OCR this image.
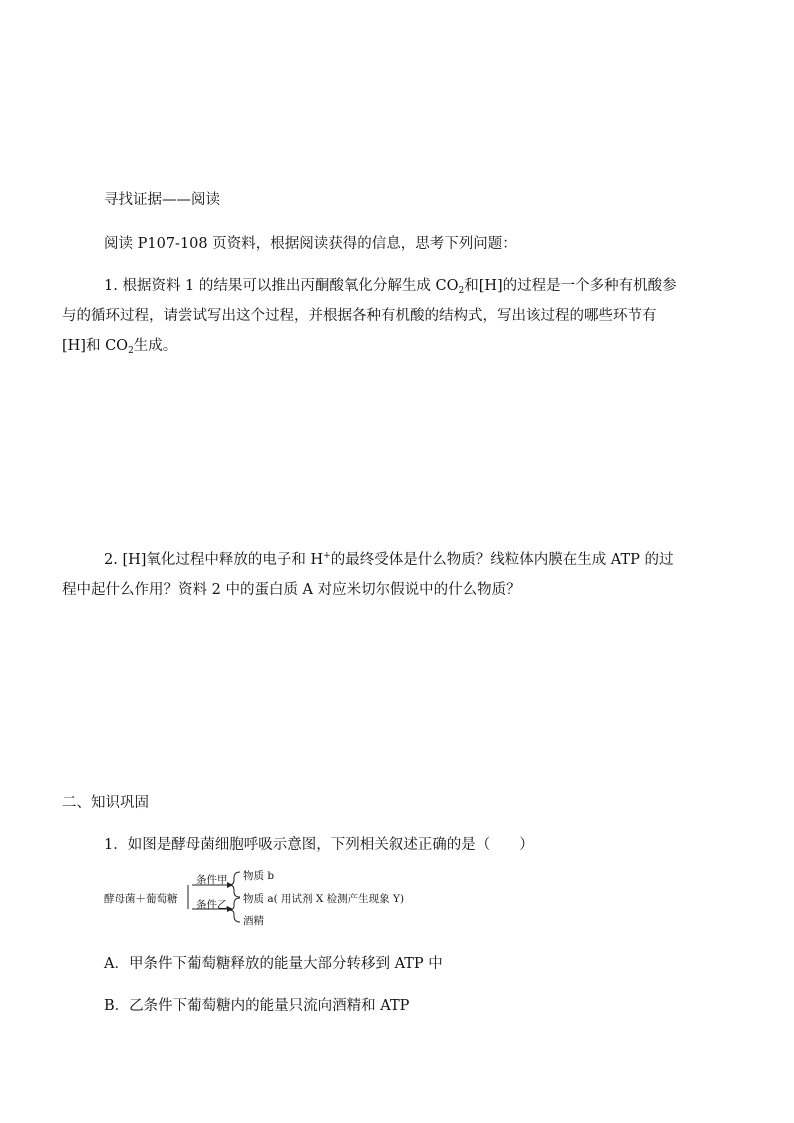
寻找证据——阅读
阅读 P107-108 页资料，根据阅读获得的信息，思考下列问题：
1. 根据资料 1 的结果可以推出丙酮酸氧化分解生成 $CO_2$和[H]的过程是一个多种有机酸参
与的循环过程，请尝试写出这个过程，并根据各种有机酸的结构式，写出该过程的哪些环节有
[H]和 $CO_2$生成。
2. [H]氧化过程中释放的电子和 H+的最终受体是什么物质？线粒体内膜在生成 ATP 的过
程中起什么作用？资料 2 中的蛋白质 A 对应米切尔假说中的什么物质？
二、知识巩固
1．如图是酵母菌细胞呼吸示意图，下列相关叙述正确的是（　　）
酵母菌＋葡萄糖
条件甲
条件乙
物质 b
物质 a( 用试剂 X 检测产生现象 Y)
酒精
A．甲条件下葡萄糖释放的能量大部分转移到 ATP 中
B．乙条件下葡萄糖内的能量只流向酒精和 ATP
